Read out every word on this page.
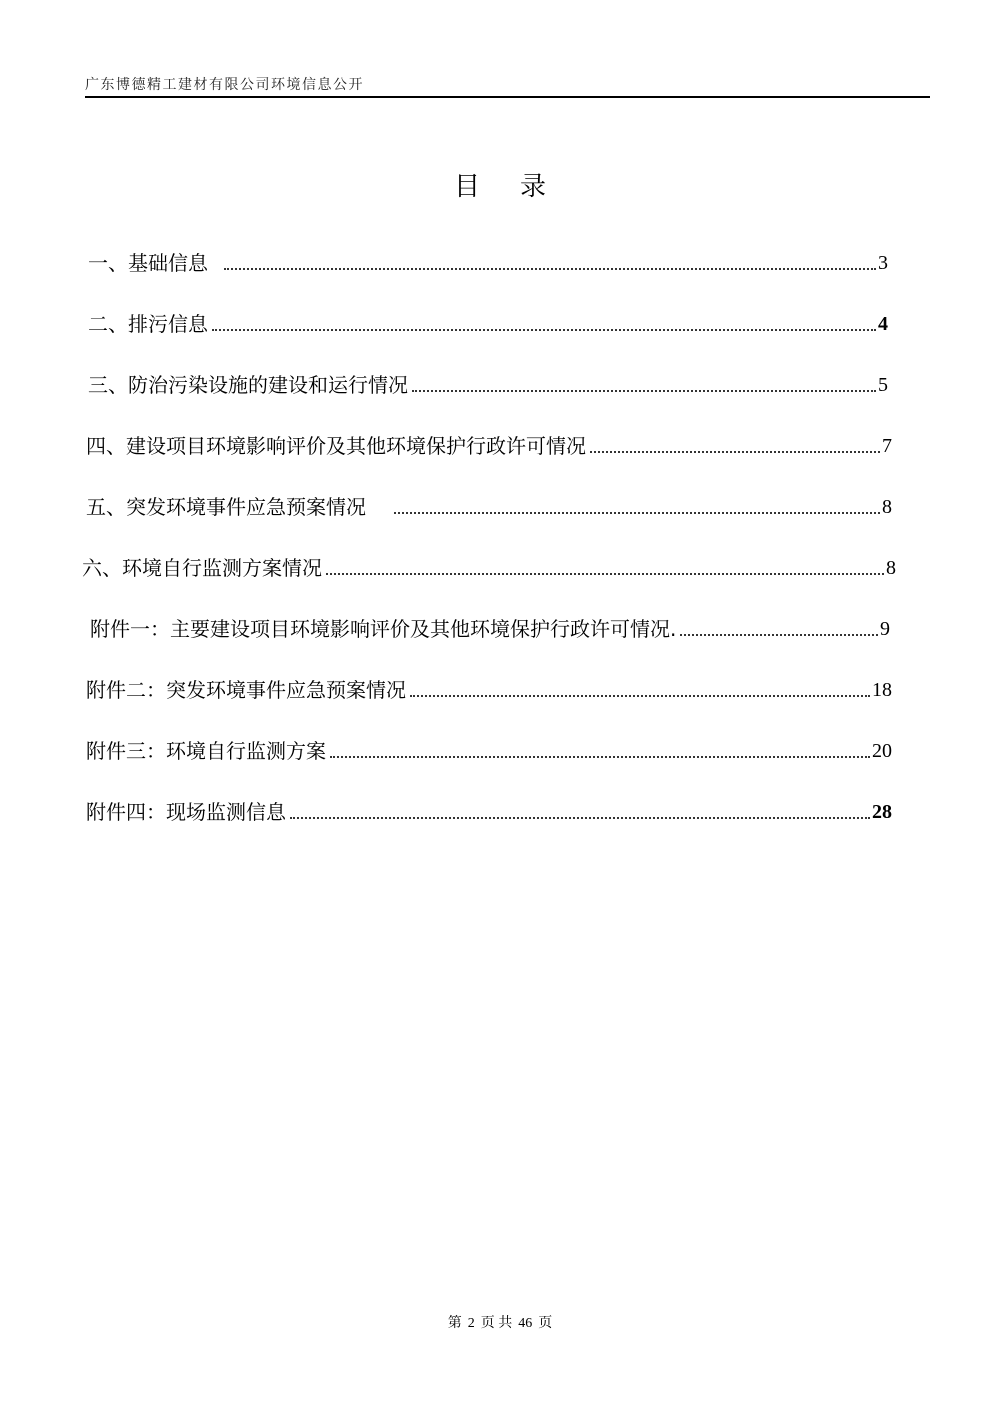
广东博德精工建材有限公司环境信息公开
目录
一、基础信息	3
二、排污信息	4
三、防治污染设施的建设和运行情况	5
四、建设项目环境影响评价及其他环境保护行政许可情况	7
五、突发环境事件应急预案情况	8
六、环境自行监测方案情况	8
附件一：主要建设项目环境影响评价及其他环境保护行政许可情况.	9
附件二：突发环境事件应急预案情况	18
附件三：环境自行监测方案	20
附件四：现场监测信息	28
第 2 页 共 46 页
